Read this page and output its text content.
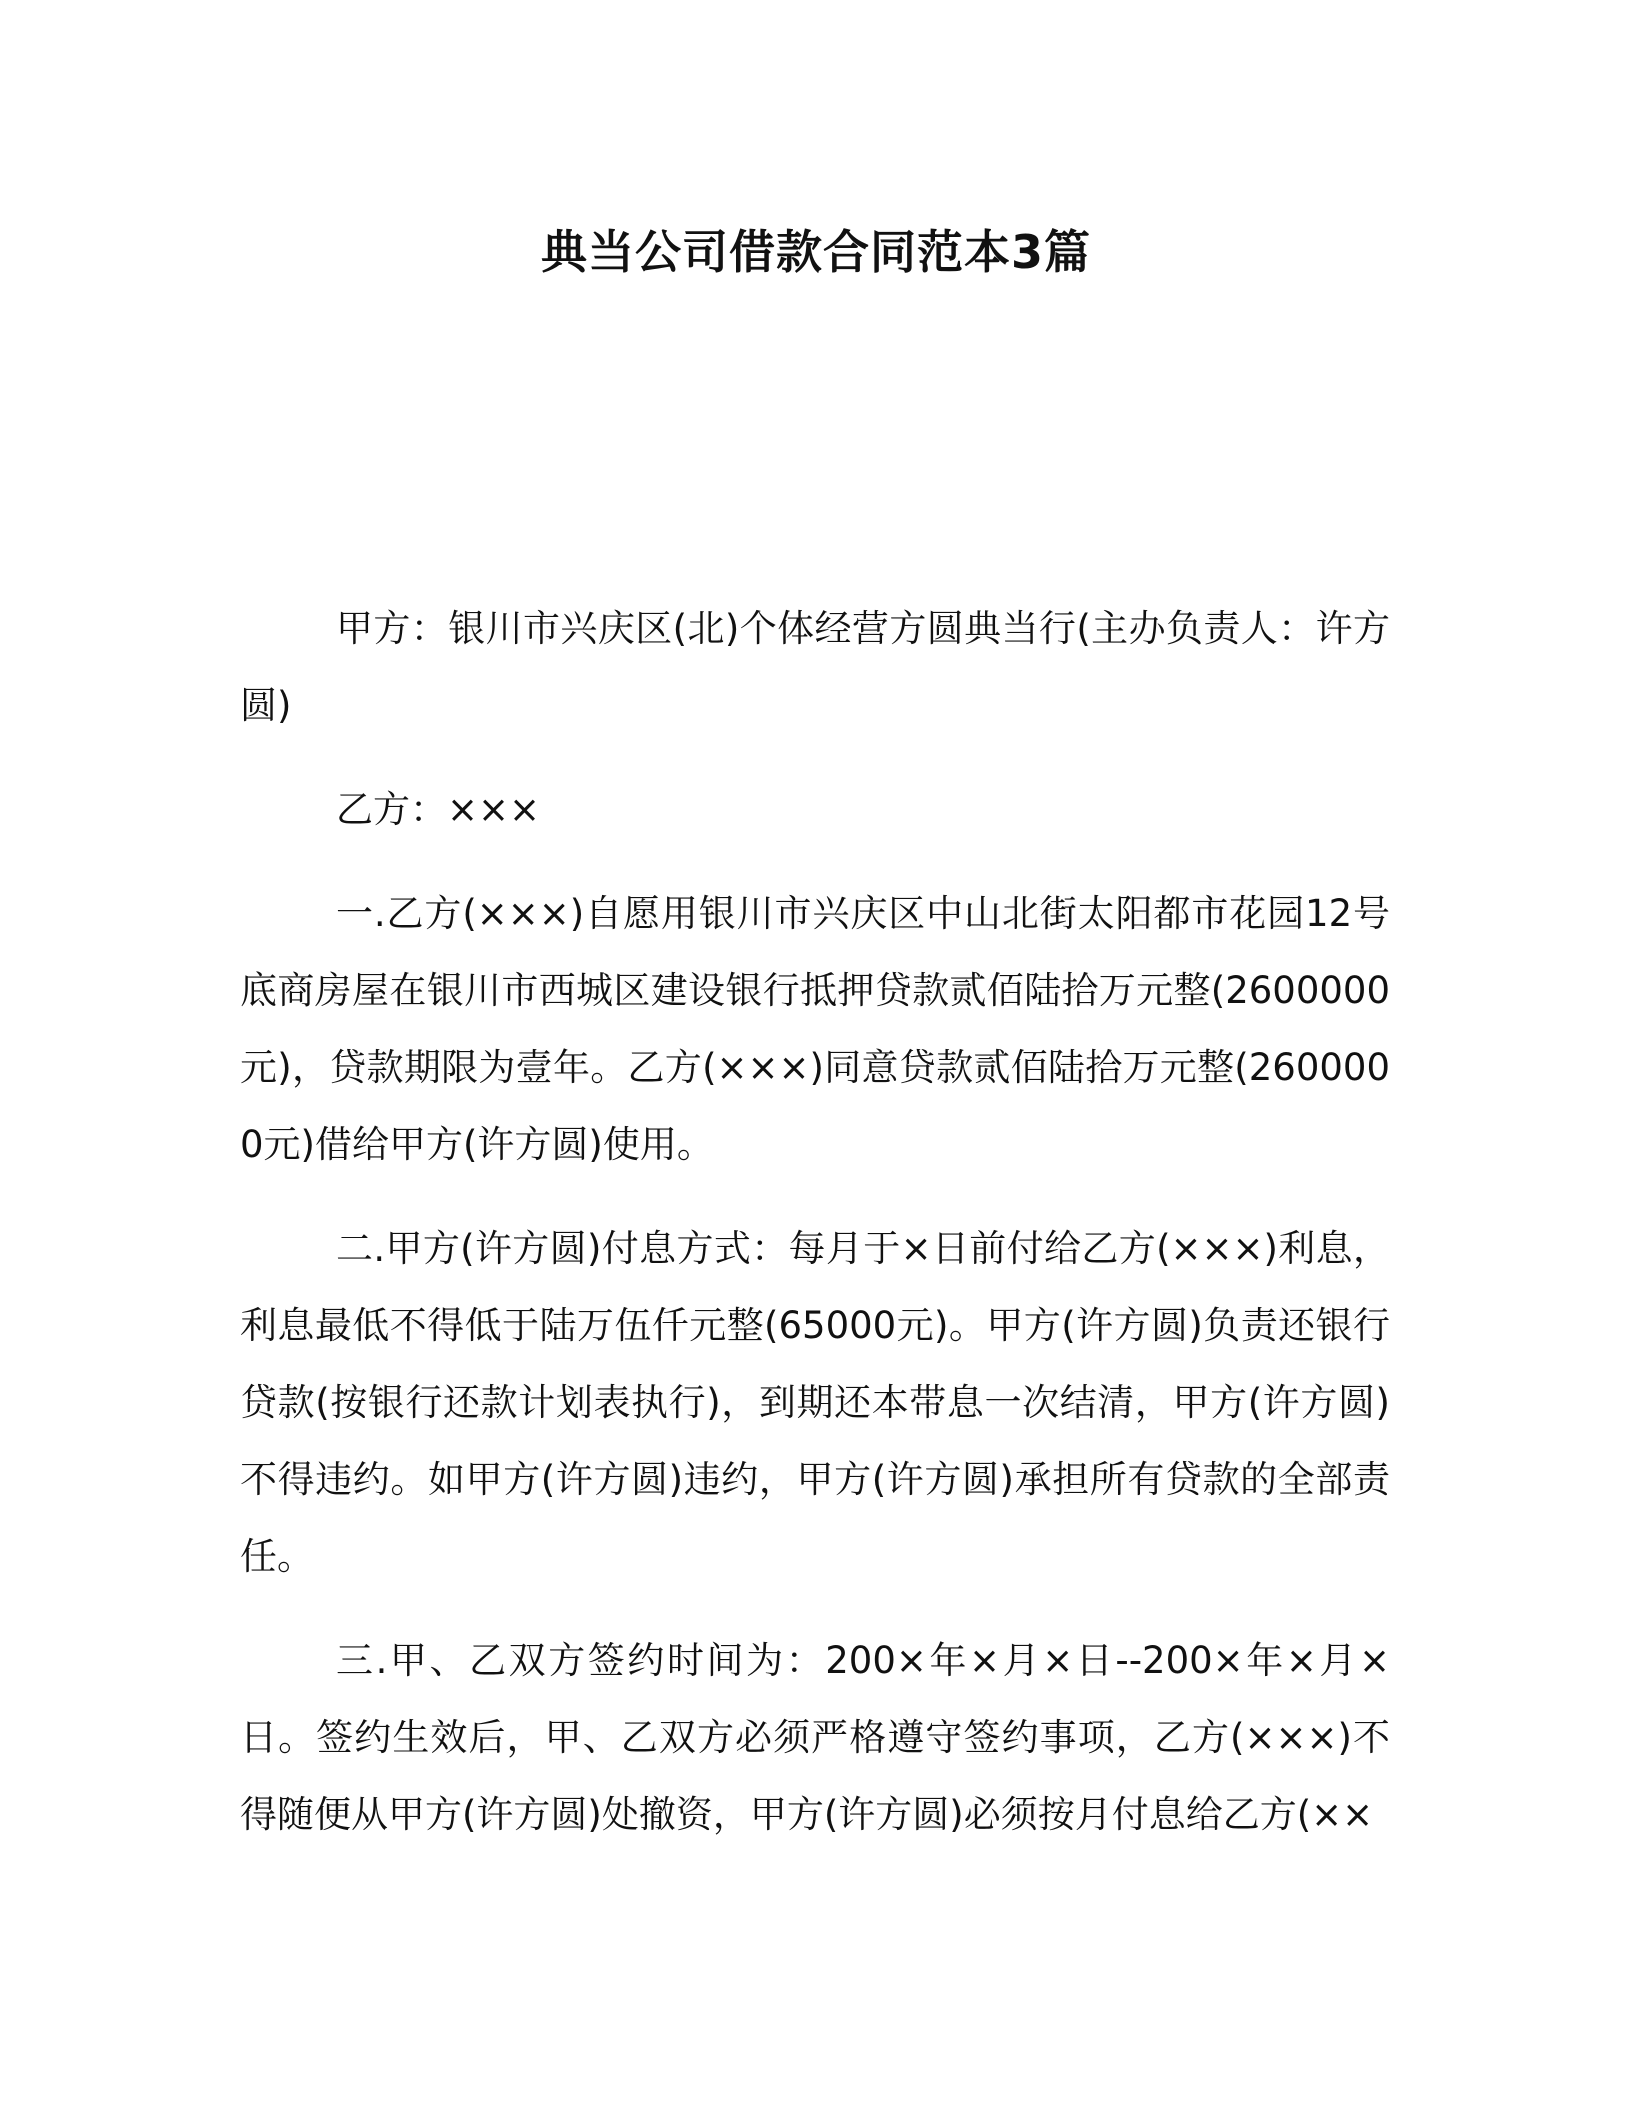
典当公司借款合同范本3篇

甲方：银川市兴庆区(北)个体经营方圆典当行(主办负责人：许方圆)

乙方：×××

一.乙方(×××)自愿用银川市兴庆区中山北街太阳都市花园12号底商房屋在银川市西城区建设银行抵押贷款贰佰陆拾万元整(2600000元)，贷款期限为壹年。乙方(×××)同意贷款贰佰陆拾万元整(2600000元)借给甲方(许方圆)使用。

二.甲方(许方圆)付息方式：每月于×日前付给乙方(×××)利息，利息最低不得低于陆万伍仟元整(65000元)。甲方(许方圆)负责还银行贷款(按银行还款计划表执行)，到期还本带息一次结清，甲方(许方圆)不得违约。如甲方(许方圆)违约，甲方(许方圆)承担所有贷款的全部责任。

三.甲、乙双方签约时间为：200×年×月×日--200×年×月×日。签约生效后，甲、乙双方必须严格遵守签约事项，乙方(×××)不得随便从甲方(许方圆)处撤资，甲方(许方圆)必须按月付息给乙方(××
